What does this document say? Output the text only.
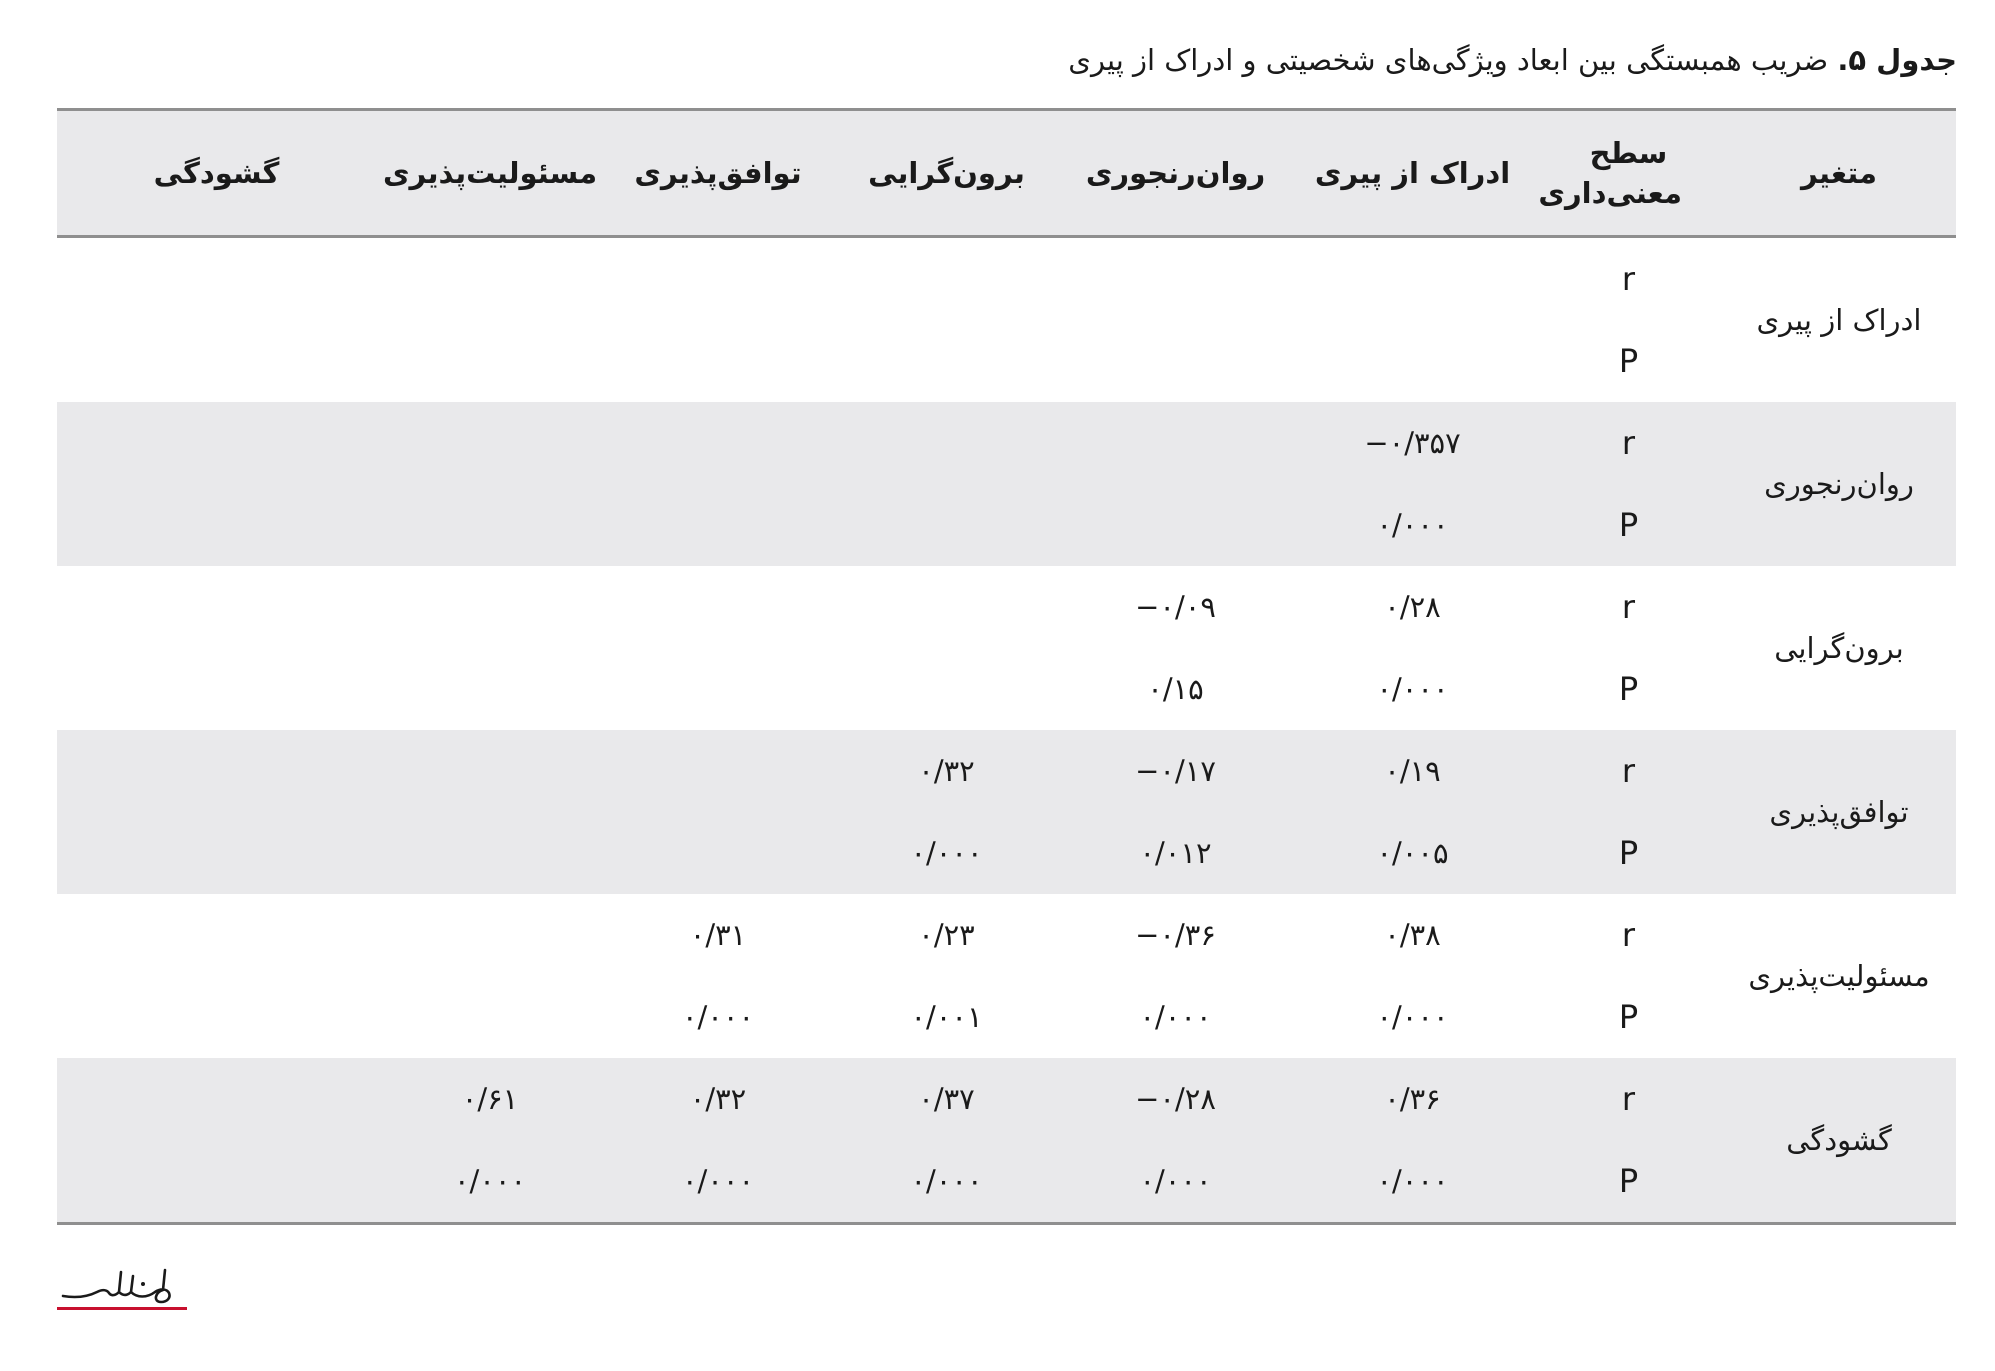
جدول ۵. ضریب همبستگی بین ابعاد ویژگی‌های شخصیتی و ادراک از پیری
متغیر	سطح معنی‌داری	ادراک از پیری	روان‌رنجوری	برون‌گرایی	توافق‌پذیری	مسئولیت‌پذیری	گشودگی
ادراک از پیری	r						
	P						
روان‌رنجوری	r	−۰/۳۵۷					
	P	۰/۰۰۰					
برون‌گرایی	r	۰/۲۸	−۰/۰۹				
	P	۰/۰۰۰	۰/۱۵				
توافق‌پذیری	r	۰/۱۹	−۰/۱۷	۰/۳۲			
	P	۰/۰۰۵	۰/۰۱۲	۰/۰۰۰			
مسئولیت‌پذیری	r	۰/۳۸	−۰/۳۶	۰/۲۳	۰/۳۱		
	P	۰/۰۰۰	۰/۰۰۰	۰/۰۰۱	۰/۰۰۰		
گشودگی	r	۰/۳۶	−۰/۲۸	۰/۳۷	۰/۳۲	۰/۶۱	
	P	۰/۰۰۰	۰/۰۰۰	۰/۰۰۰	۰/۰۰۰	۰/۰۰۰	
